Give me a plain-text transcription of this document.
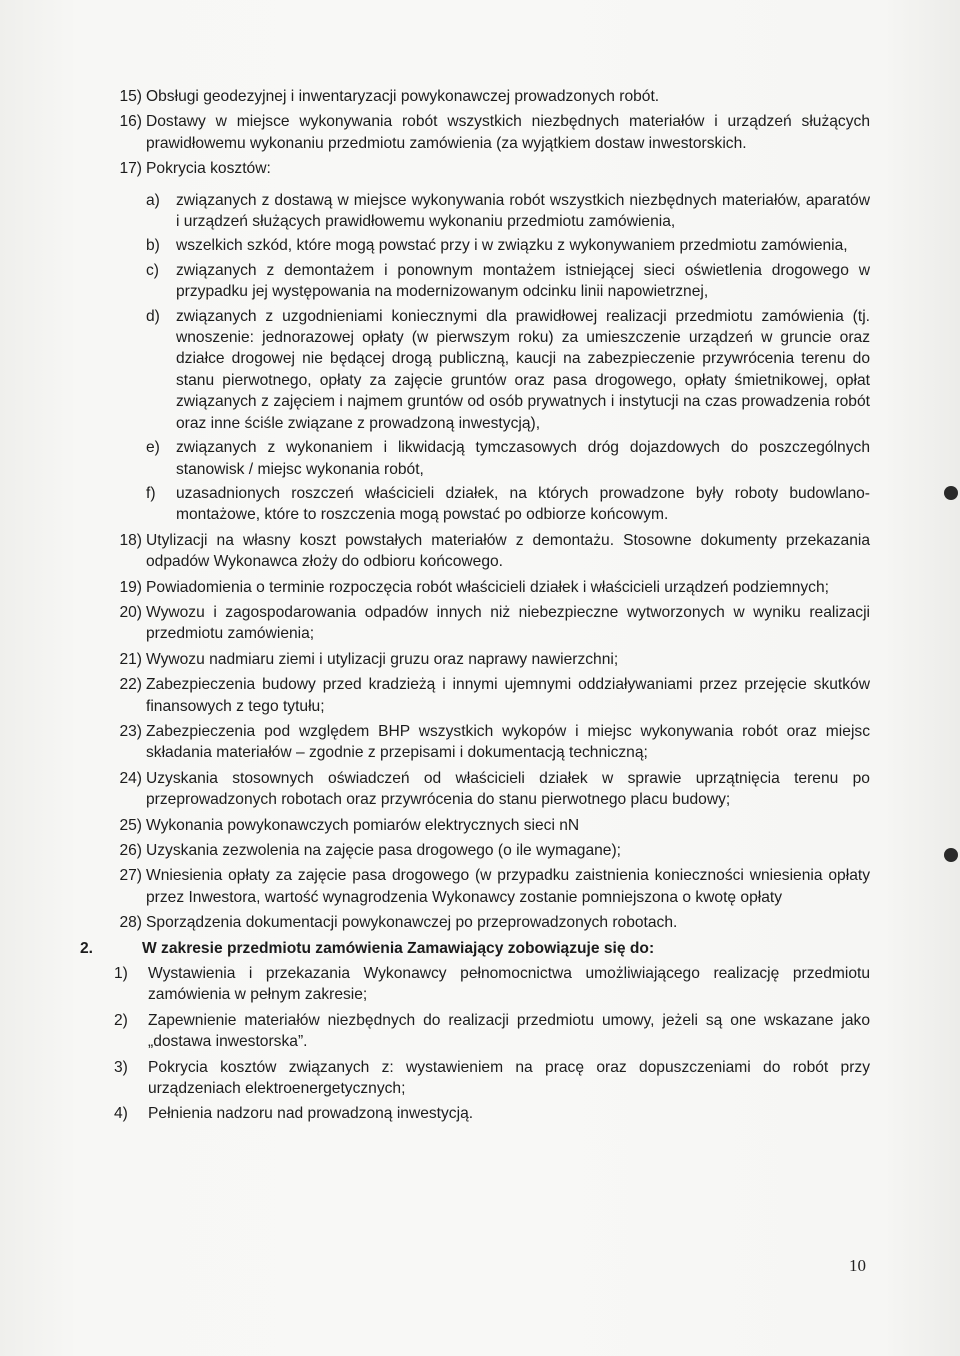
15) Obsługi geodezyjnej i inwentaryzacji powykonawczej prowadzonych robót.
16) Dostawy w miejsce wykonywania robót wszystkich niezbędnych materiałów i urządzeń służących prawidłowemu wykonaniu przedmiotu zamówienia (za wyjątkiem dostaw inwestorskich.
17) Pokrycia kosztów:
a)	związanych z dostawą w miejsce wykonywania robót wszystkich niezbędnych materiałów, aparatów i urządzeń służących prawidłowemu wykonaniu przedmiotu zamówienia,
b)	wszelkich szkód, które mogą powstać przy i w związku z wykonywaniem przedmiotu zamówienia,
c)	związanych z demontażem i ponownym montażem istniejącej sieci oświetlenia drogowego w przypadku jej występowania na modernizowanym odcinku linii napowietrznej,
d)	związanych z uzgodnieniami koniecznymi dla prawidłowej realizacji przedmiotu zamówienia (tj. wnoszenie: jednorazowej opłaty (w pierwszym roku) za umieszczenie urządzeń w gruncie oraz działce drogowej nie będącej drogą publiczną, kaucji na zabezpieczenie przywrócenia terenu do stanu pierwotnego, opłaty za zajęcie gruntów oraz pasa drogowego, opłaty śmietnikowej, opłat związanych z zajęciem i najmem gruntów od osób prywatnych i instytucji na czas prowadzenia robót oraz inne ściśle związane z prowadzoną inwestycją),
e)	związanych z wykonaniem i likwidacją tymczasowych dróg dojazdowych do poszczególnych stanowisk / miejsc wykonania robót,
f)	uzasadnionych roszczeń właścicieli działek, na których prowadzone były roboty budowlano-montażowe, które to roszczenia mogą powstać po odbiorze końcowym.
18) Utylizacji na własny koszt powstałych materiałów z demontażu. Stosowne dokumenty przekazania odpadów Wykonawca złoży do odbioru końcowego.
19) Powiadomienia o terminie rozpoczęcia robót właścicieli działek i właścicieli urządzeń podziemnych;
20) Wywozu i zagospodarowania odpadów innych niż niebezpieczne wytworzonych w wyniku realizacji przedmiotu zamówienia;
21) Wywozu nadmiaru ziemi i utylizacji gruzu oraz naprawy nawierzchni;
22) Zabezpieczenia budowy przed kradzieżą i innymi ujemnymi oddziaływaniami przez przejęcie skutków finansowych z tego tytułu;
23) Zabezpieczenia pod względem BHP wszystkich wykopów i miejsc wykonywania robót oraz miejsc składania materiałów – zgodnie z przepisami i dokumentacją techniczną;
24) Uzyskania stosownych oświadczeń od właścicieli działek w sprawie uprzątnięcia terenu po przeprowadzonych robotach oraz przywrócenia do stanu pierwotnego placu budowy;
25) Wykonania powykonawczych pomiarów elektrycznych sieci nN
26) Uzyskania zezwolenia na zajęcie pasa drogowego (o ile wymagane);
27) Wniesienia opłaty za zajęcie pasa drogowego (w przypadku zaistnienia konieczności wniesienia opłaty przez Inwestora, wartość wynagrodzenia Wykonawcy zostanie pomniejszona o kwotę opłaty
28) Sporządzenia dokumentacji powykonawczej po przeprowadzonych robotach.
2.	W zakresie przedmiotu zamówienia Zamawiający zobowiązuje się do:
1)	Wystawienia i przekazania Wykonawcy pełnomocnictwa umożliwiającego realizację przedmiotu zamówienia w pełnym zakresie;
2)	Zapewnienie materiałów niezbędnych do realizacji przedmiotu umowy, jeżeli są one wskazane jako „dostawa inwestorska”.
3)	Pokrycia kosztów związanych z: wystawieniem na pracę oraz dopuszczeniami do robót przy urządzeniach elektroenergetycznych;
4)	Pełnienia nadzoru nad prowadzoną inwestycją.
10
